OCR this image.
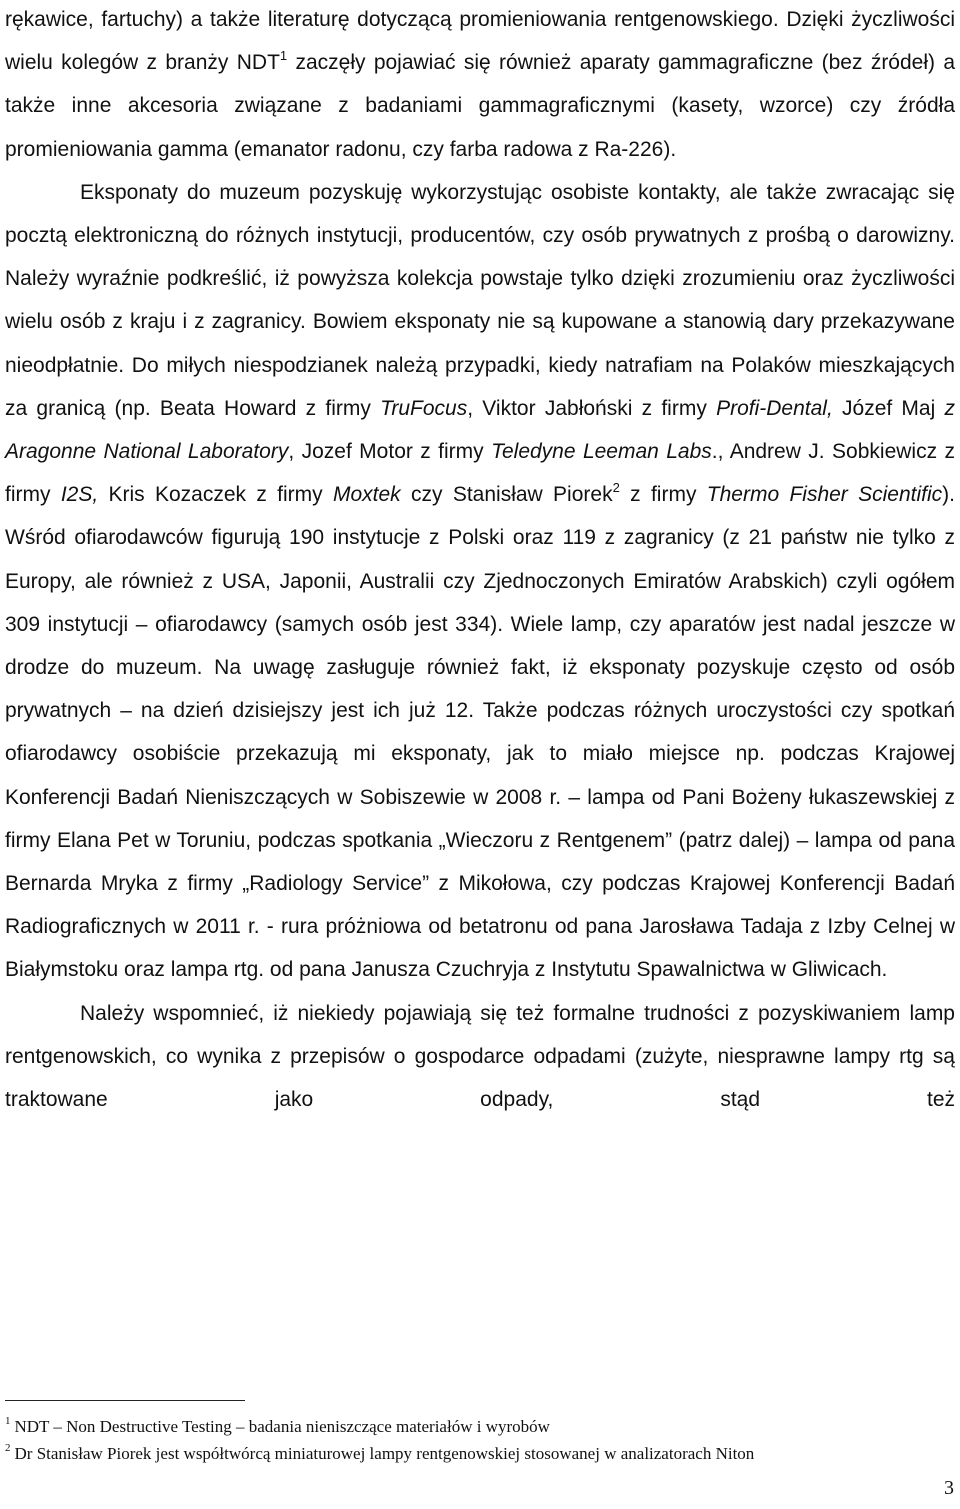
rękawice, fartuchy) a także literaturę dotyczącą promieniowania rentgenowskiego. Dzięki życzliwości wielu kolegów z branży NDT$^1$ zaczęły pojawiać się również aparaty gammagraficzne (bez źródeł) a także inne akcesoria związane z badaniami gammagraficznymi (kasety, wzorce) czy źródła promieniowania gamma (emanator radonu, czy farba radowa z Ra-226).

Eksponaty do muzeum pozyskuję wykorzystując osobiste kontakty, ale także zwracając się pocztą elektroniczną do różnych instytucji, producentów, czy osób prywatnych z prośbą o darowizny. Należy wyraźnie podkreślić, iż powyższa kolekcja powstaje tylko dzięki zrozumieniu oraz życzliwości wielu osób z kraju i z zagranicy. Bowiem eksponaty nie są kupowane a stanowią dary przekazywane nieodpłatnie. Do miłych niespodzianek należą przypadki, kiedy natrafiam na Polaków mieszkających za granicą (np. Beata Howard z firmy TruFocus, Viktor Jabłoński z firmy Profi-Dental, Józef Maj z Aragonne National Laboratory, Jozef Motor z firmy Teledyne Leeman Labs., Andrew J. Sobkiewicz z firmy I2S, Kris Kozaczek z firmy Moxtek czy Stanisław Piorek$^2$ z firmy Thermo Fisher Scientific). Wśród ofiarodawców figurują 190 instytucje z Polski oraz 119 z zagranicy (z 21 państw nie tylko z Europy, ale również z USA, Japonii, Australii czy Zjednoczonych Emiratów Arabskich) czyli ogółem 309 instytucji – ofiarodawcy (samych osób jest 334). Wiele lamp, czy aparatów jest nadal jeszcze w drodze do muzeum. Na uwagę zasługuje również fakt, iż eksponaty pozyskuje często od osób prywatnych – na dzień dzisiejszy jest ich już 12. Także podczas różnych uroczystości czy spotkań ofiarodawcy osobiście przekazują mi eksponaty, jak to miało miejsce np. podczas Krajowej Konferencji Badań Nieniszczących w Sobiszewie w 2008 r. – lampa od Pani Bożeny łukaszewskiej z firmy Elana Pet w Toruniu, podczas spotkania „Wieczoru z Rentgenem” (patrz dalej) – lampa od pana Bernarda Mryka z firmy „Radiology Service” z Mikołowa, czy podczas Krajowej Konferencji Badań Radiograficznych w 2011 r. - rura próżniowa od betatronu od pana Jarosława Tadaja z Izby Celnej w Białymstoku oraz lampa rtg. od pana Janusza Czuchryja z Instytutu Spawalnictwa w Gliwicach.

Należy wspomnieć, iż niekiedy pojawiają się też formalne trudności z pozyskiwaniem lamp rentgenowskich, co wynika z przepisów o gospodarce odpadami (zużyte, niesprawne lampy rtg są traktowane jako odpady, stąd też

$^1$ NDT – Non Destructive Testing – badania nieniszczące materiałów i wyrobów
$^2$ Dr Stanisław Piorek jest współtwórcą miniaturowej lampy rentgenowskiej stosowanej w analizatorach Niton
3
